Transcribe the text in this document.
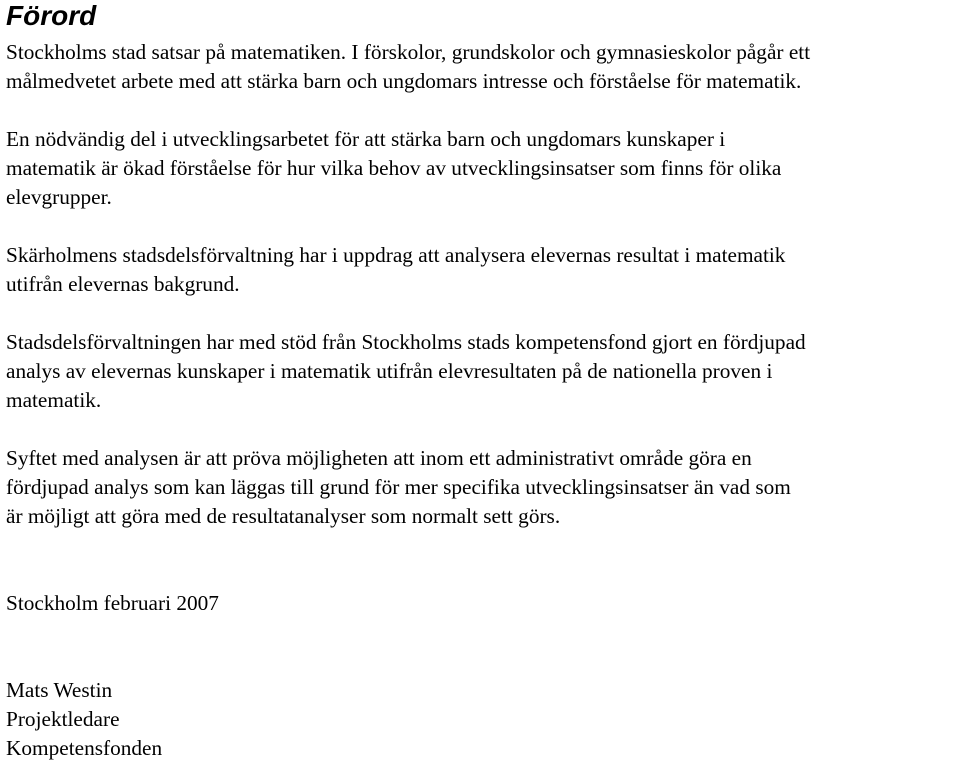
Förord

Stockholms stad satsar på matematiken. I förskolor, grundskolor och gymnasieskolor pågår ett
målmedvetet arbete med att stärka barn och ungdomars intresse och förståelse för matematik.

En nödvändig del i utvecklingsarbetet för att stärka barn och ungdomars kunskaper i
matematik är ökad förståelse för hur vilka behov av utvecklingsinsatser som finns för olika
elevgrupper.

Skärholmens stadsdelsförvaltning har i uppdrag att analysera elevernas resultat i matematik
utifrån elevernas bakgrund.

Stadsdelsförvaltningen har med stöd från Stockholms stads kompetensfond gjort en fördjupad
analys av elevernas kunskaper i matematik utifrån elevresultaten på de nationella proven i
matematik.

Syftet med analysen är att pröva möjligheten att inom ett administrativt område göra en
fördjupad analys som kan läggas till grund för mer specifika utvecklingsinsatser än vad som
är möjligt att göra med de resultatanalyser som normalt sett görs.

Stockholm februari 2007

Mats Westin
Projektledare
Kompetensfonden
